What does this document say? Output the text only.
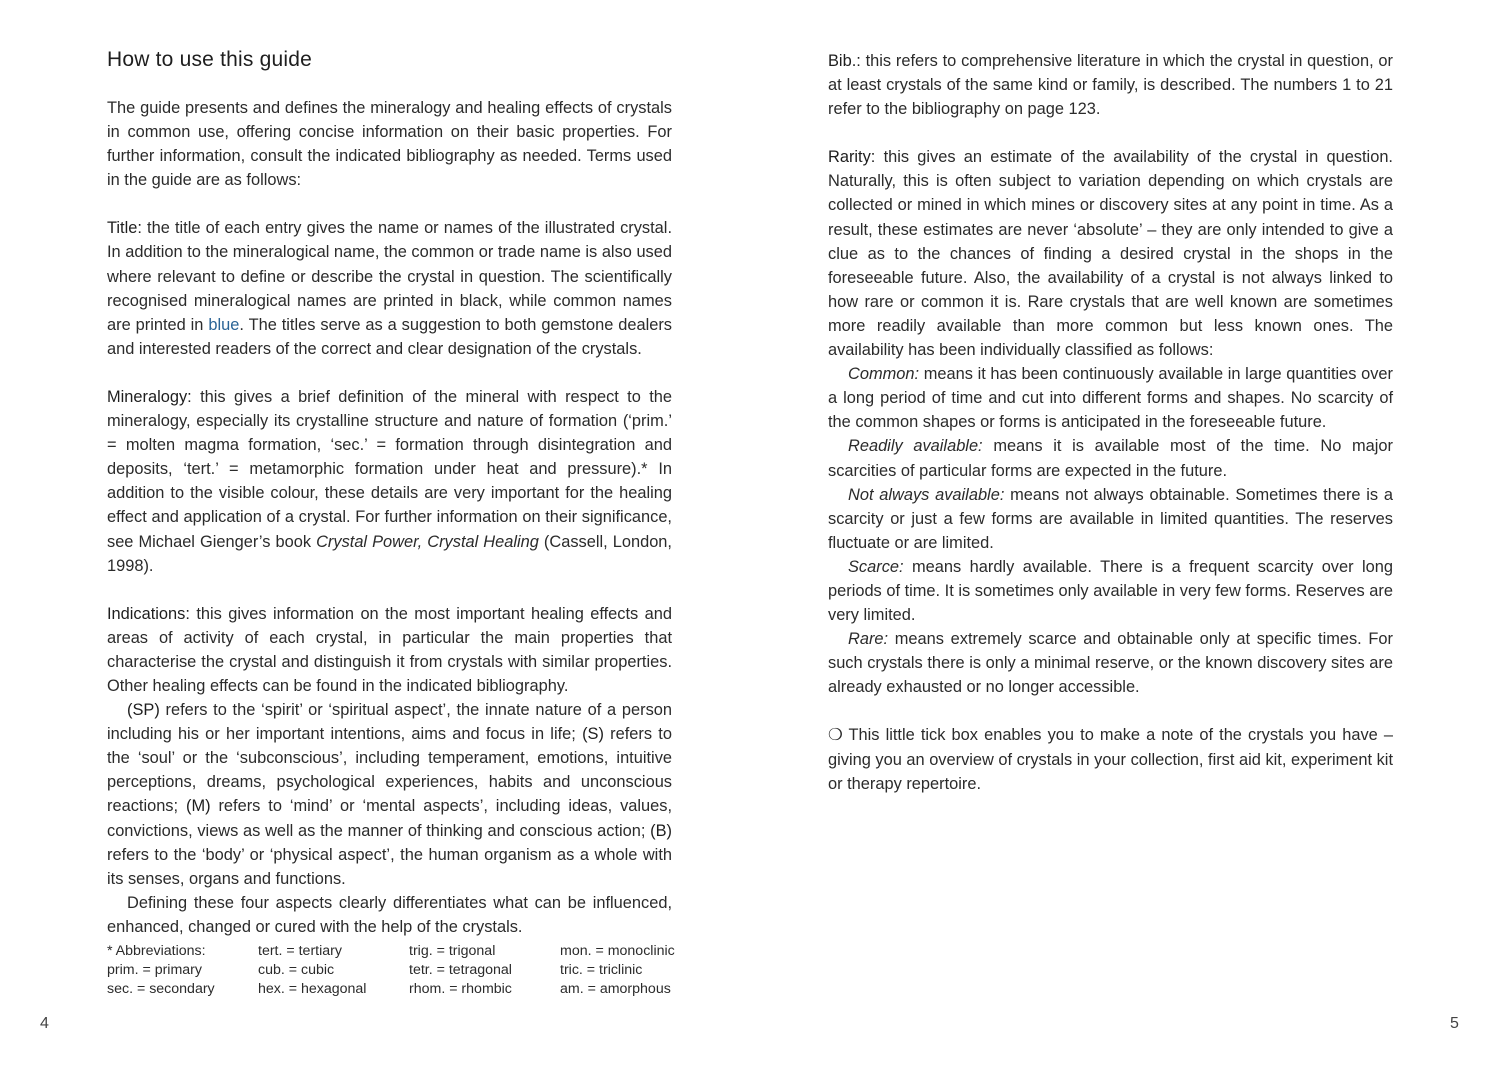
How to use this guide

The guide presents and defines the mineralogy and healing effects of crystals in common use, offering concise information on their basic properties. For further information, consult the indicated bibliography as needed. Terms used in the guide are as follows:

Title: the title of each entry gives the name or names of the illustrated crystal. In addition to the mineralogical name, the common or trade name is also used where relevant to define or describe the crystal in question. The scientifically recognised mineralogical names are printed in black, while common names are printed in blue. The titles serve as a suggestion to both gemstone dealers and interested readers of the correct and clear designation of the crystals.

Mineralogy: this gives a brief definition of the mineral with respect to the mineralogy, especially its crystalline structure and nature of formation (‘prim.’ = molten magma formation, ‘sec.’ = formation through disintegration and deposits, ‘tert.’ = metamorphic formation under heat and pressure).* In addition to the visible colour, these details are very important for the healing effect and application of a crystal. For further information on their significance, see Michael Gienger’s book Crystal Power, Crystal Healing (Cassell, London, 1998).

Indications: this gives information on the most important healing effects and areas of activity of each crystal, in particular the main properties that characterise the crystal and distinguish it from crystals with similar properties. Other healing effects can be found in the indicated bibliography.

(SP) refers to the ‘spirit’ or ‘spiritual aspect’, the innate nature of a person including his or her important intentions, aims and focus in life; (S) refers to the ‘soul’ or the ‘subconscious’, including temperament, emotions, intuitive perceptions, dreams, psychological experiences, habits and unconscious reactions; (M) refers to ‘mind’ or ‘mental aspects’, including ideas, values, convictions, views as well as the manner of thinking and conscious action; (B) refers to the ‘body’ or ‘physical aspect’, the human organism as a whole with its senses, organs and functions.

Defining these four aspects clearly differentiates what can be influenced, enhanced, changed or cured with the help of the crystals.

* Abbreviations:	tert. = tertiary	trig. = trigonal	mon. = monoclinic
prim. = primary	cub. = cubic	tetr. = tetragonal	tric. = triclinic
sec. = secondary	hex. = hexagonal	rhom. = rhombic	am. = amorphous
4

Bib.: this refers to comprehensive literature in which the crystal in question, or at least crystals of the same kind or family, is described. The numbers 1 to 21 refer to the bibliography on page 123.

Rarity: this gives an estimate of the availability of the crystal in question. Naturally, this is often subject to variation depending on which crystals are collected or mined in which mines or discovery sites at any point in time. As a result, these estimates are never ‘absolute’ – they are only intended to give a clue as to the chances of finding a desired crystal in the shops in the foreseeable future. Also, the availability of a crystal is not always linked to how rare or common it is. Rare crystals that are well known are sometimes more readily available than more common but less known ones. The availability has been individually classified as follows:

Common: means it has been continuously available in large quantities over a long period of time and cut into different forms and shapes. No scarcity of the common shapes or forms is anticipated in the foreseeable future.

Readily available: means it is available most of the time. No major scarcities of particular forms are expected in the future.

Not always available: means not always obtainable. Sometimes there is a scarcity or just a few forms are available in limited quantities. The reserves fluctuate or are limited.

Scarce: means hardly available. There is a frequent scarcity over long periods of time. It is sometimes only available in very few forms. Reserves are very limited.

Rare: means extremely scarce and obtainable only at specific times. For such crystals there is only a minimal reserve, or the known discovery sites are already exhausted or no longer accessible.

❍ This little tick box enables you to make a note of the crystals you have – giving you an overview of crystals in your collection, first aid kit, experiment kit or therapy repertoire.

5
